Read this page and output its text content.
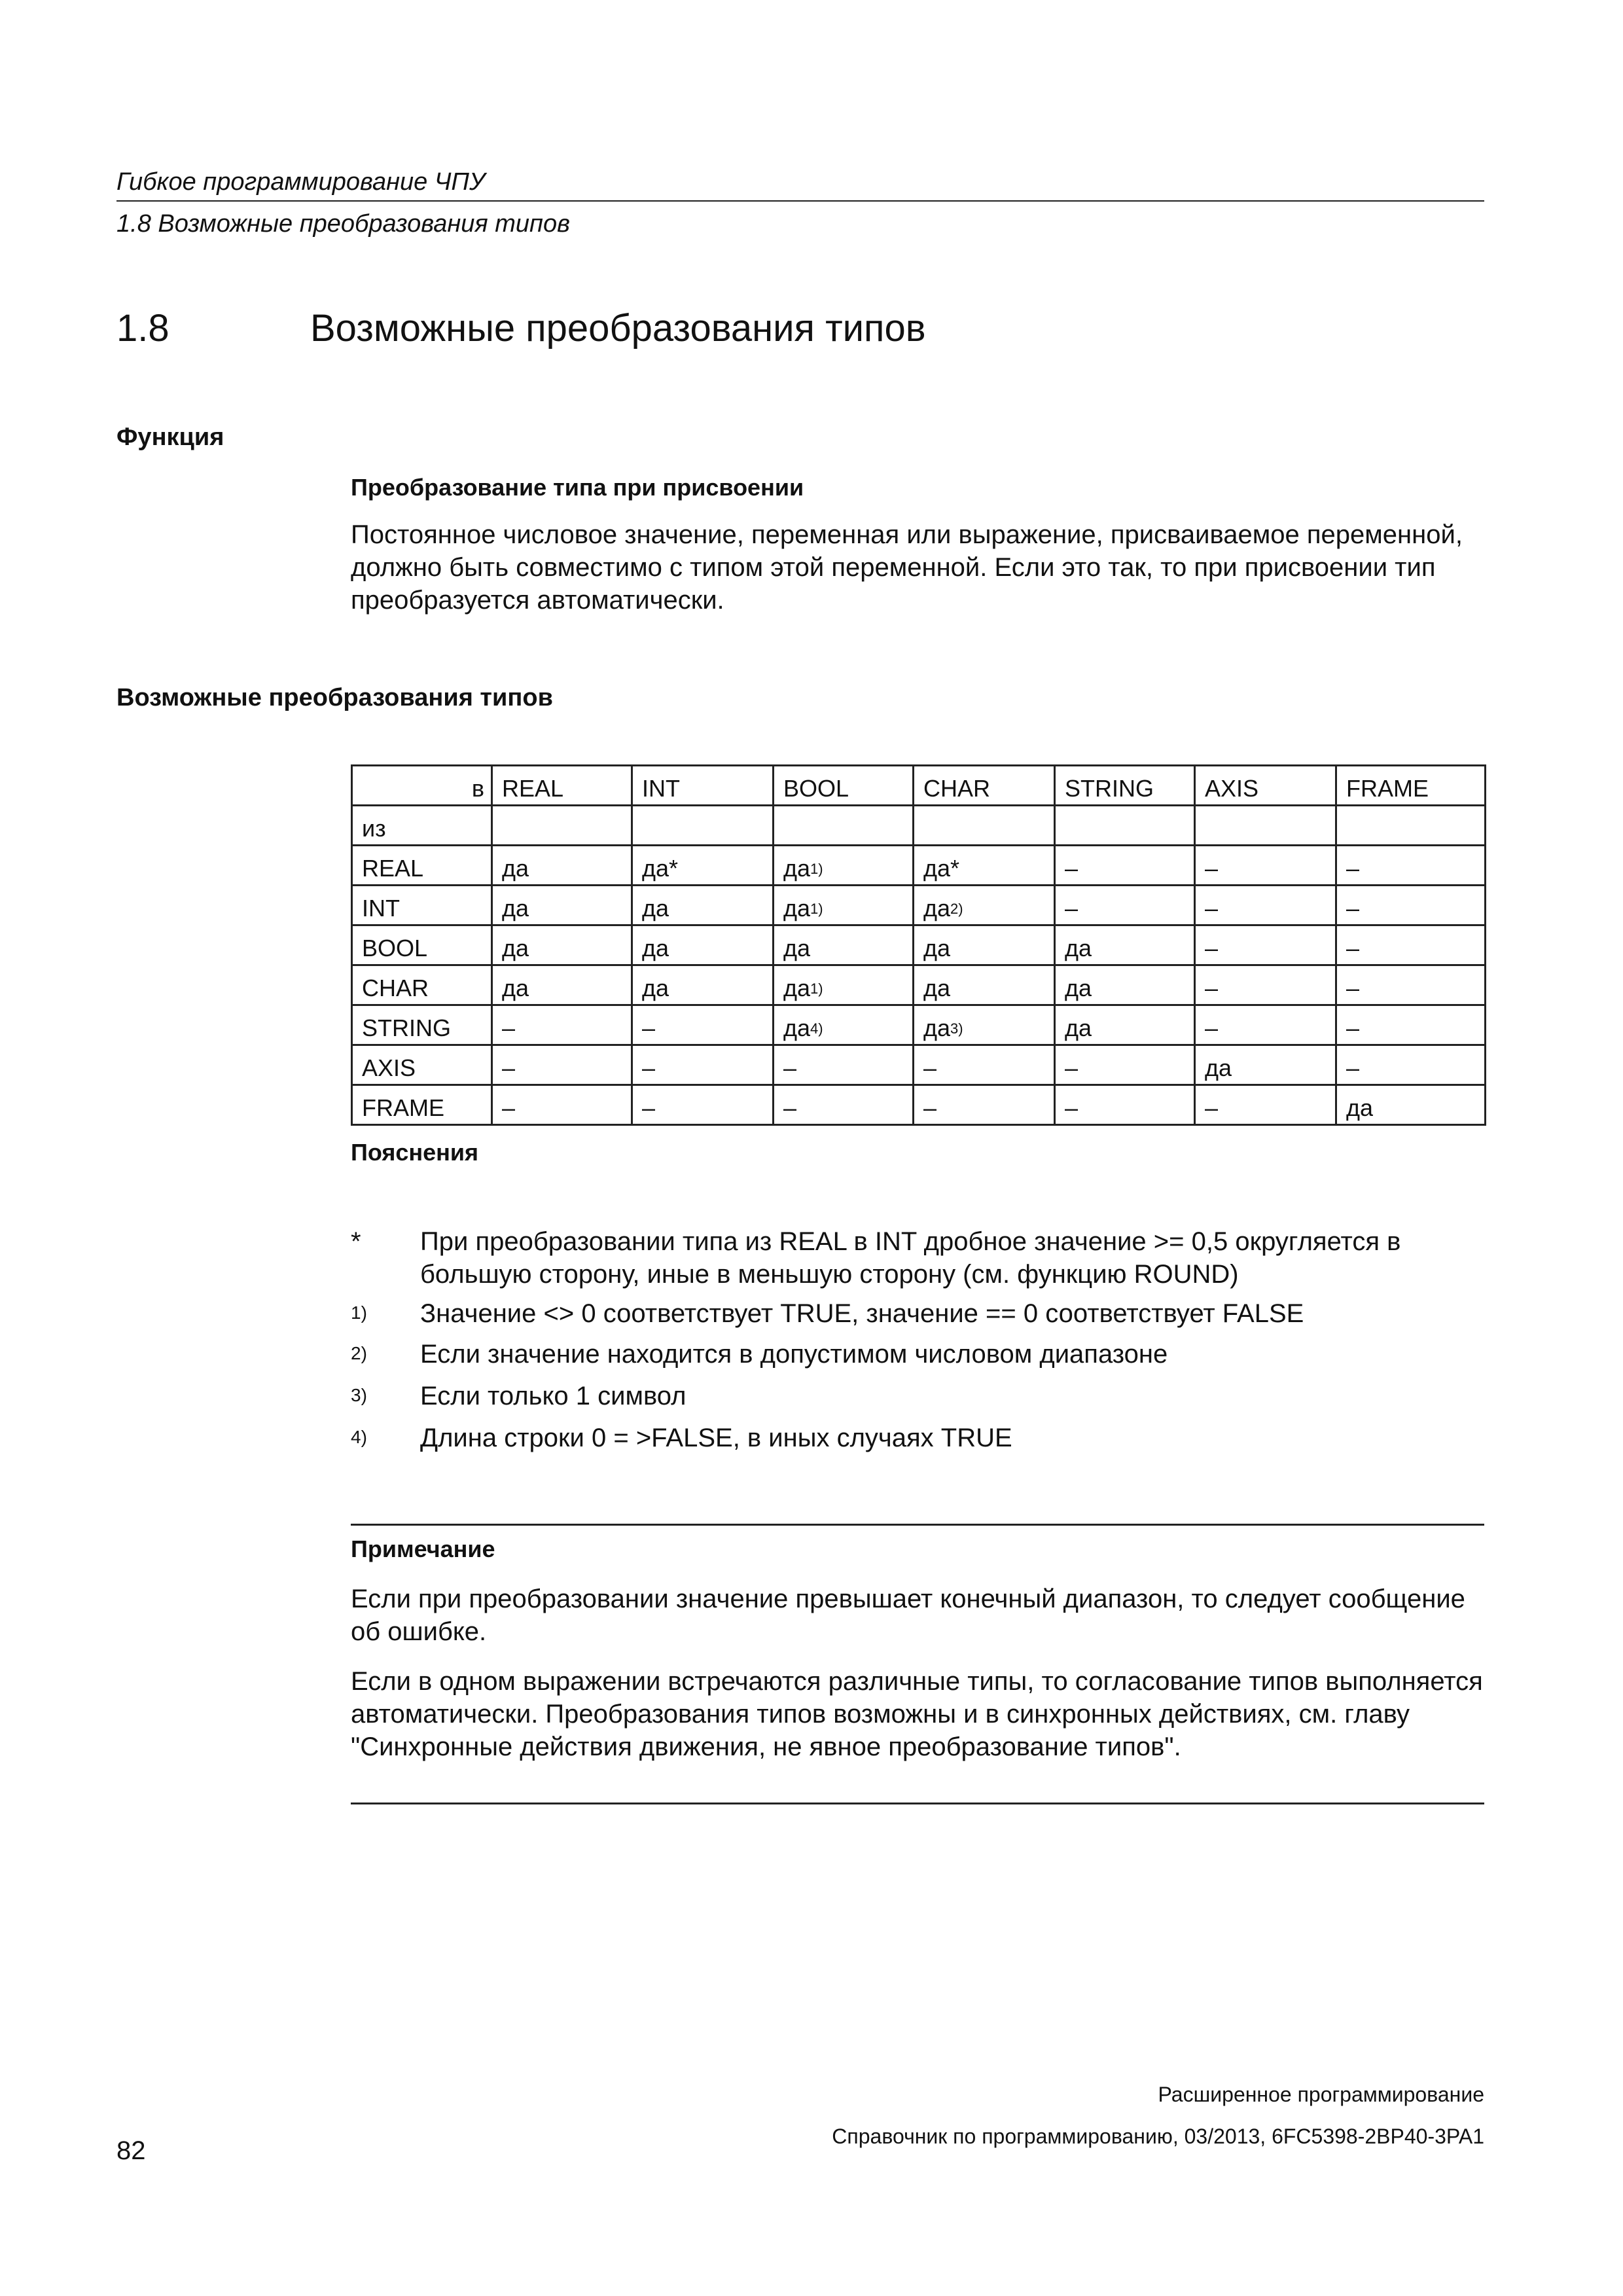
Гибкое программирование ЧПУ
1.8 Возможные преобразования типов
1.8	Возможные преобразования типов
Функция
Преобразование типа при присвоении
Постоянное числовое значение, переменная или выражение, присваиваемое переменной, должно быть совместимо с типом этой переменной. Если это так, то при присвоении тип преобразуется автоматически.
Возможные преобразования типов
в	REAL	INT	BOOL	CHAR	STRING	AXIS	FRAME
из							
REAL	да	да*	$да^{1)}$	да*	–	–	–
INT	да	да	$да^{1)}$	$да^{2)}$	–	–	–
BOOL	да	да	да	да	да	–	–
CHAR	да	да	$да^{1)}$	да	да	–	–
STRING	–	–	$да^{4)}$	$да^{3)}$	да	–	–
AXIS	–	–	–	–	–	да	–
FRAME	–	–	–	–	–	–	да
Пояснения
* При преобразовании типа из REAL в INT дробное значение >= 0,5 округляется в большую сторону, иные в меньшую сторону (см. функцию ROUND)
1) Значение <> 0 соответствует TRUE, значение == 0 соответствует FALSE
2) Если значение находится в допустимом числовом диапазоне
3) Если только 1 символ
4) Длина строки 0 = >FALSE, в иных случаях TRUE
Примечание
Если при преобразовании значение превышает конечный диапазон, то следует сообщение об ошибке.
Если в одном выражении встречаются различные типы, то согласование типов выполняется автоматически. Преобразования типов возможны и в синхронных действиях, см. главу "Синхронные действия движения, не явное преобразование типов".
Расширенное программирование
Справочник по программированию, 03/2013, 6FC5398-2BP40-3PA1
82
